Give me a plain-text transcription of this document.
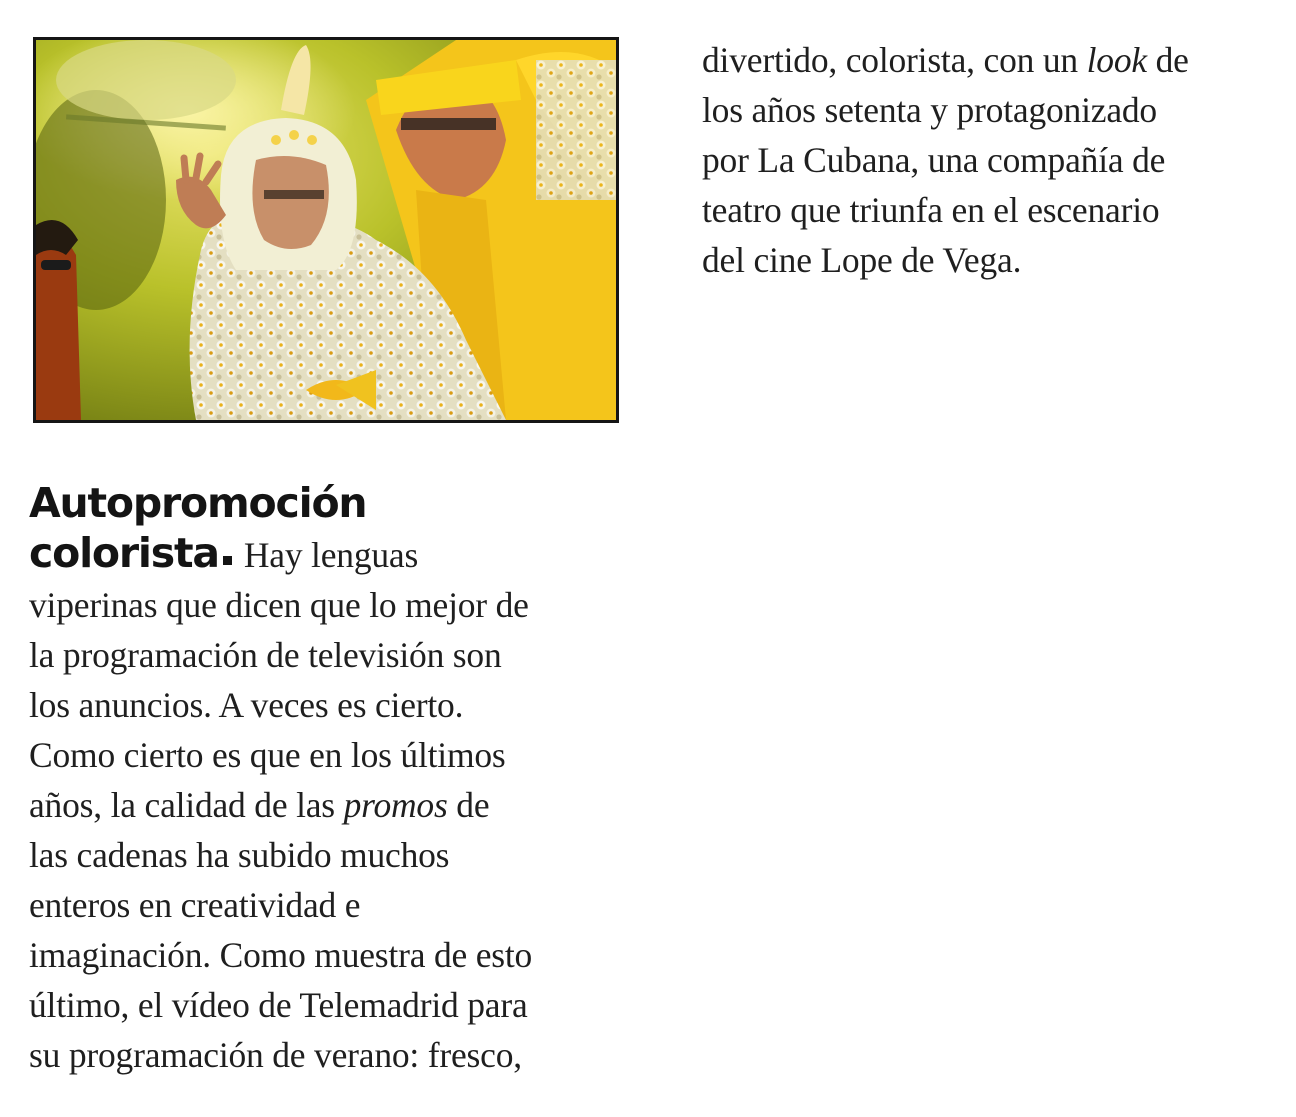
divertido, colorista, con un look de
los años setenta y protagonizado
por La Cubana, una compañía de
teatro que triunfa en el escenario
del cine Lope de Vega.
Autopromoción
colorista Hay lenguas
viperinas que dicen que lo mejor de
la programación de televisión son
los anuncios. A veces es cierto.
Como cierto es que en los últimos
años, la calidad de las promos de
las cadenas ha subido muchos
enteros en creatividad e
imaginación. Como muestra de esto
último, el vídeo de Telemadrid para
su programación de verano: fresco,
